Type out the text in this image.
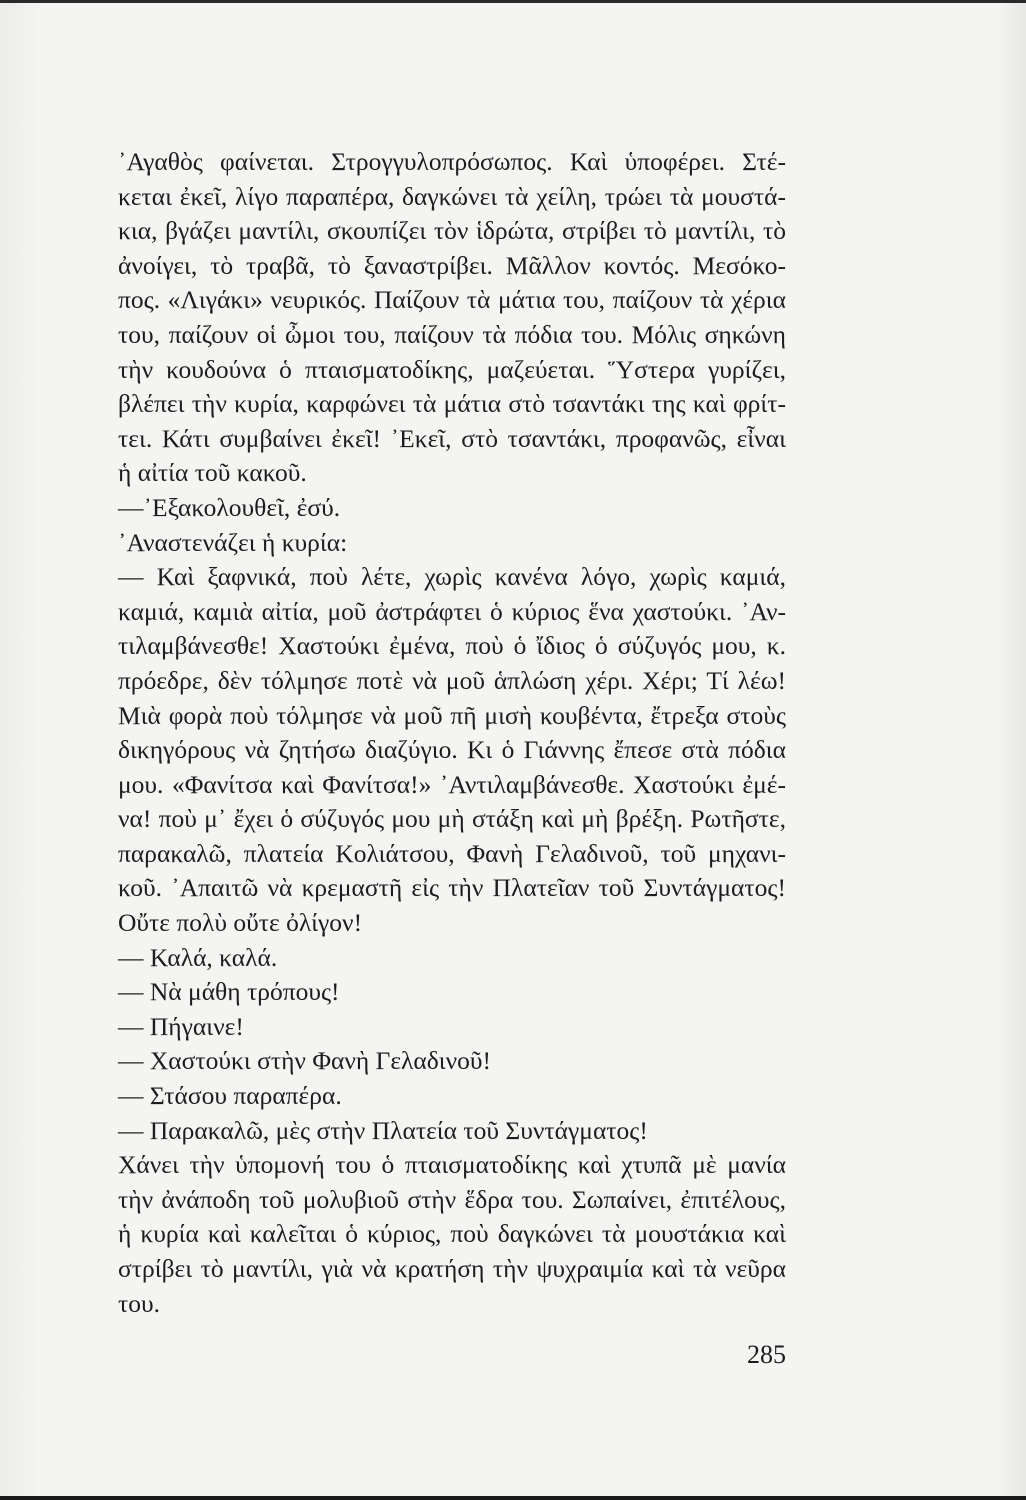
᾿Αγαθὸς φαίνεται. Στρογγυλοπρόσωπος. Καὶ ὑποφέρει. Στέ-
κεται ἐκεῖ, λίγο παραπέρα, δαγκώνει τὰ χείλη, τρώει τὰ μουστά-
κια, βγάζει μαντίλι, σκουπίζει τὸν ἱδρώτα, στρίβει τὸ μαντίλι, τὸ
ἀνοίγει, τὸ τραβᾶ, τὸ ξαναστρίβει. Μᾶλλον κοντός. Μεσόκο-
πος. «Λιγάκι» νευρικός. Παίζουν τὰ μάτια του, παίζουν τὰ χέρια
του, παίζουν οἱ ὦμοι του, παίζουν τὰ πόδια του. Μόλις σηκώνη
τὴν κουδούνα ὁ πταισματοδίκης, μαζεύεται. Ὕστερα γυρίζει,
βλέπει τὴν κυρία, καρφώνει τὰ μάτια στὸ τσαντάκι της καὶ φρίτ-
τει. Κάτι συμβαίνει ἐκεῖ! ᾿Εκεῖ, στὸ τσαντάκι, προφανῶς, εἶναι
ἡ αἰτία τοῦ κακοῦ.
—᾿Εξακολουθεῖ, ἐσύ.
᾿Αναστενάζει ἡ κυρία:
— Καὶ ξαφνικά, ποὺ λέτε, χωρὶς κανένα λόγο, χωρὶς καμιά,
καμιά, καμιὰ αἰτία, μοῦ ἀστράφτει ὁ κύριος ἕνα χαστούκι. ᾿Αν-
τιλαμβάνεσθε! Χαστούκι ἐμένα, ποὺ ὁ ἴδιος ὁ σύζυγός μου, κ.
πρόεδρε, δὲν τόλμησε ποτὲ νὰ μοῦ ἁπλώση χέρι. Χέρι; Τί λέω!
Μιὰ φορὰ ποὺ τόλμησε νὰ μοῦ πῆ μισὴ κουβέντα, ἔτρεξα στοὺς
δικηγόρους νὰ ζητήσω διαζύγιο. Κι ὁ Γιάννης ἔπεσε στὰ πόδια
μου. «Φανίτσα καὶ Φανίτσα!» ᾿Αντιλαμβάνεσθε. Χαστούκι ἐμέ-
να! ποὺ μ᾿ ἔχει ὁ σύζυγός μου μὴ στάξη καὶ μὴ βρέξη. Ρωτῆστε,
παρακαλῶ, πλατεία Κολιάτσου, Φανὴ Γελαδινοῦ, τοῦ μηχανι-
κοῦ. ᾿Απαιτῶ νὰ κρεμαστῆ εἰς τὴν Πλατεῖαν τοῦ Συντάγματος!
Οὔτε πολὺ οὔτε ὀλίγον!
— Καλά, καλά.
— Νὰ μάθη τρόπους!
— Πήγαινε!
— Χαστούκι στὴν Φανὴ Γελαδινοῦ!
— Στάσου παραπέρα.
— Παρακαλῶ, μὲς στὴν Πλατεία τοῦ Συντάγματος!
Χάνει τὴν ὑπομονή του ὁ πταισματοδίκης καὶ χτυπᾶ μὲ μανία
τὴν ἀνάποδη τοῦ μολυβιοῦ στὴν ἕδρα του. Σωπαίνει, ἐπιτέλους,
ἡ κυρία καὶ καλεῖται ὁ κύριος, ποὺ δαγκώνει τὰ μουστάκια καὶ
στρίβει τὸ μαντίλι, γιὰ νὰ κρατήση τὴν ψυχραιμία καὶ τὰ νεῦρα
του.
285
